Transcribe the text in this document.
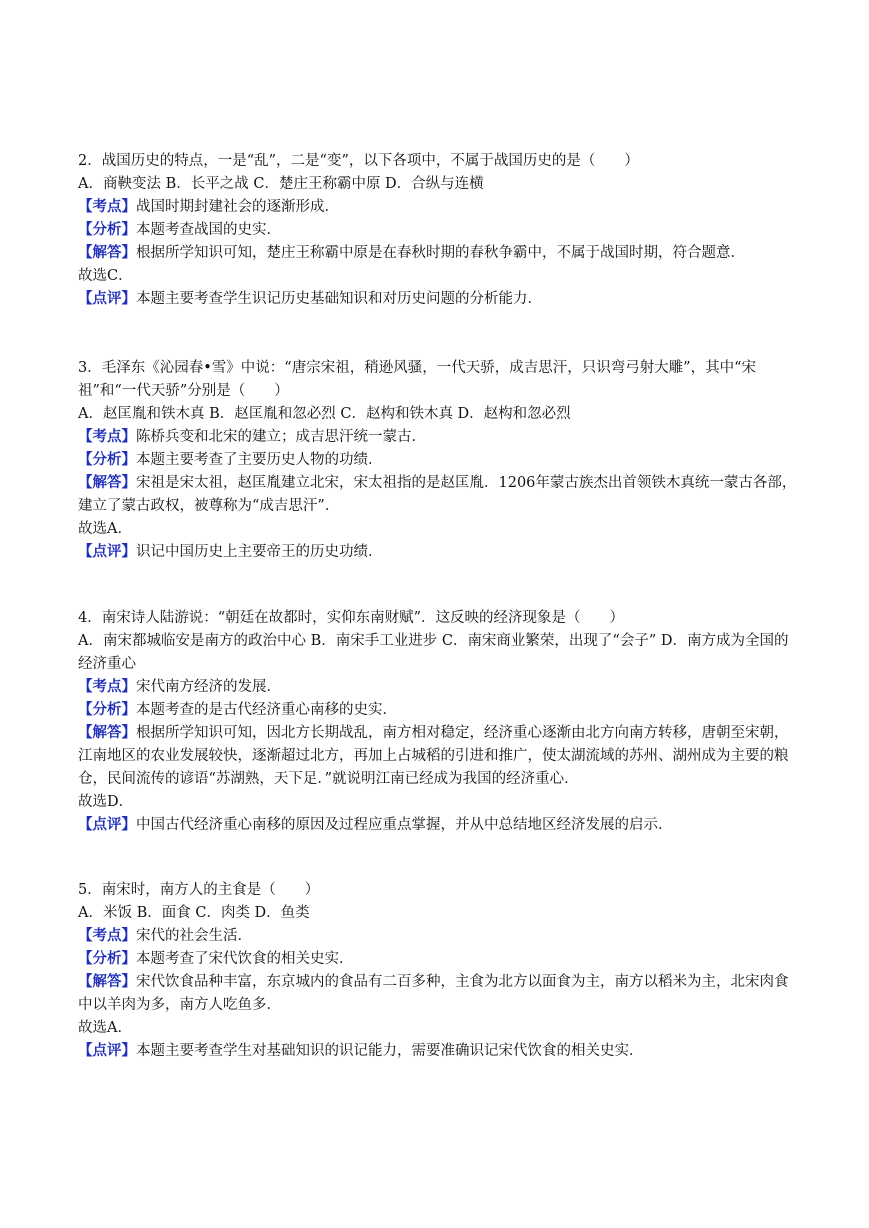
2．战国历史的特点，一是“乱”，二是“变”，以下各项中，不属于战国历史的是（　　）

A．商鞅变法 B．长平之战 C．楚庄王称霸中原 D．合纵与连横

【考点】战国时期封建社会的逐渐形成．

【分析】本题考查战国的史实．

【解答】根据所学知识可知，楚庄王称霸中原是在春秋时期的春秋争霸中，不属于战国时期，符合题意．

故选C．

【点评】本题主要考查学生识记历史基础知识和对历史问题的分析能力．

3．毛泽东《沁园春•雪》中说：“唐宗宋祖，稍逊风骚，一代天骄，成吉思汗，只识弯弓射大雕”，其中“宋祖”和“一代天骄”分别是（　　）

A．赵匡胤和铁木真 B．赵匡胤和忽必烈 C．赵构和铁木真 D．赵构和忽必烈

【考点】陈桥兵变和北宋的建立；成吉思汗统一蒙古．

【分析】本题主要考查了主要历史人物的功绩．

【解答】宋祖是宋太祖，赵匡胤建立北宋，宋太祖指的是赵匡胤．1206年蒙古族杰出首领铁木真统一蒙古各部，建立了蒙古政权，被尊称为“成吉思汗”．

故选A．

【点评】识记中国历史上主要帝王的历史功绩．

4．南宋诗人陆游说：“朝廷在故都时，实仰东南财赋”．这反映的经济现象是（　　）

A．南宋都城临安是南方的政治中心 B．南宋手工业进步 C．南宋商业繁荣，出现了“会子” D．南方成为全国的经济重心

【考点】宋代南方经济的发展．

【分析】本题考查的是古代经济重心南移的史实．

【解答】根据所学知识可知，因北方长期战乱，南方相对稳定，经济重心逐渐由北方向南方转移，唐朝至宋朝，江南地区的农业发展较快，逐渐超过北方，再加上占城稻的引进和推广，使太湖流域的苏州、湖州成为主要的粮仓，民间流传的谚语“苏湖熟，天下足．”就说明江南已经成为我国的经济重心．

故选D．

【点评】中国古代经济重心南移的原因及过程应重点掌握，并从中总结地区经济发展的启示．

5．南宋时，南方人的主食是（　　）

A．米饭 B．面食 C．肉类 D．鱼类

【考点】宋代的社会生活．

【分析】本题考查了宋代饮食的相关史实．

【解答】宋代饮食品种丰富，东京城内的食品有二百多种，主食为北方以面食为主，南方以稻米为主，北宋肉食中以羊肉为多，南方人吃鱼多．

故选A．

【点评】本题主要考查学生对基础知识的识记能力，需要准确识记宋代饮食的相关史实．
